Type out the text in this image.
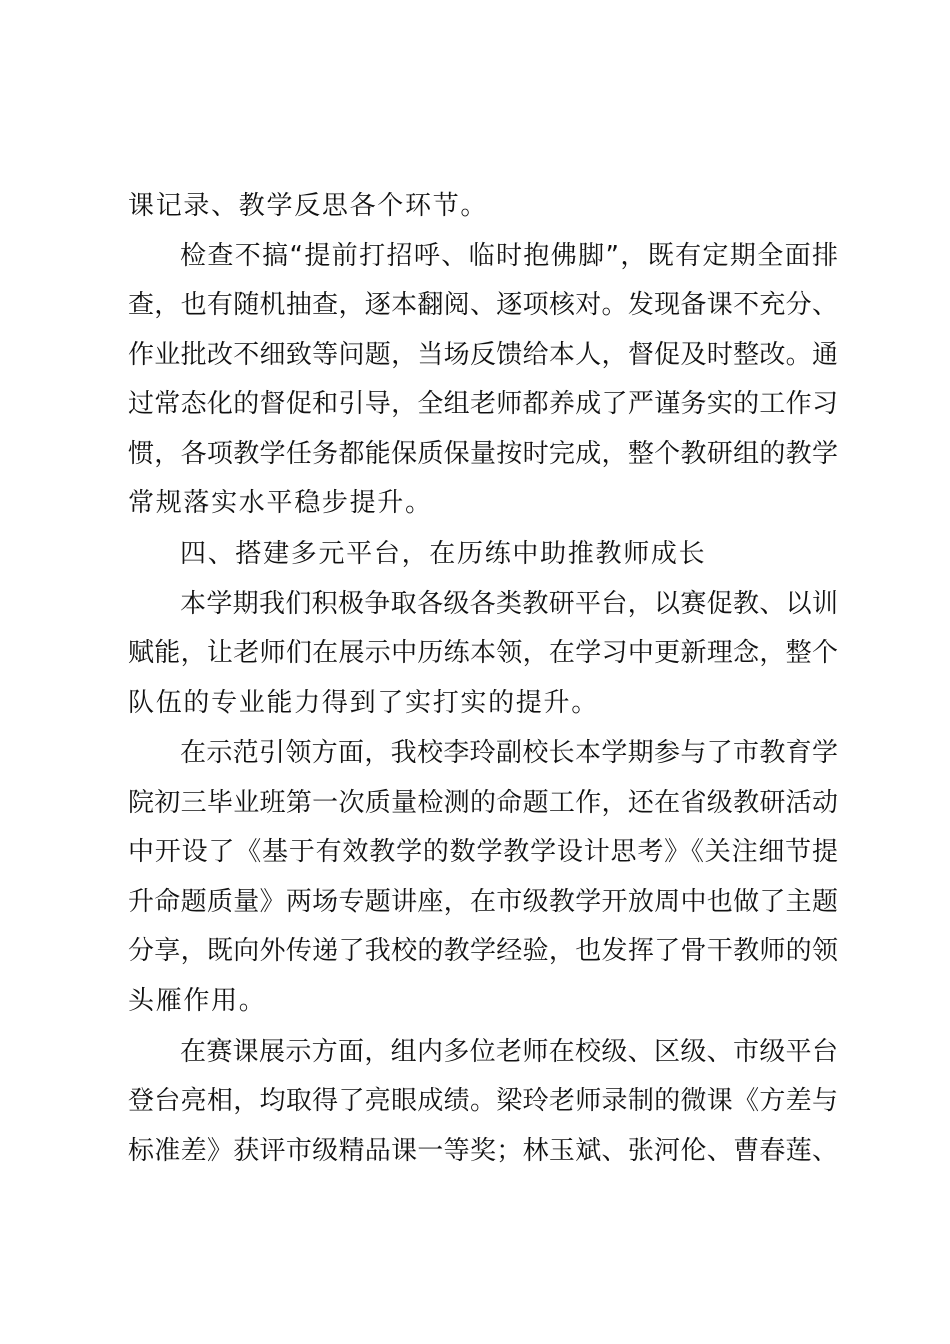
课记录、教学反思各个环节。
检查不搞“提前打招呼、临时抱佛脚”，既有定期全面排
查，也有随机抽查，逐本翻阅、逐项核对。发现备课不充分、
作业批改不细致等问题，当场反馈给本人，督促及时整改。通
过常态化的督促和引导，全组老师都养成了严谨务实的工作习
惯，各项教学任务都能保质保量按时完成，整个教研组的教学
常规落实水平稳步提升。
四、搭建多元平台，在历练中助推教师成长
本学期我们积极争取各级各类教研平台，以赛促教、以训
赋能，让老师们在展示中历练本领，在学习中更新理念，整个
队伍的专业能力得到了实打实的提升。
在示范引领方面，我校李玲副校长本学期参与了市教育学
院初三毕业班第一次质量检测的命题工作，还在省级教研活动
中开设了《基于有效教学的数学教学设计思考》《关注细节提
升命题质量》两场专题讲座，在市级教学开放周中也做了主题
分享，既向外传递了我校的教学经验，也发挥了骨干教师的领
头雁作用。
在赛课展示方面，组内多位老师在校级、区级、市级平台
登台亮相，均取得了亮眼成绩。梁玲老师录制的微课《方差与
标准差》获评市级精品课一等奖；林玉斌、张河伦、曹春莲、
